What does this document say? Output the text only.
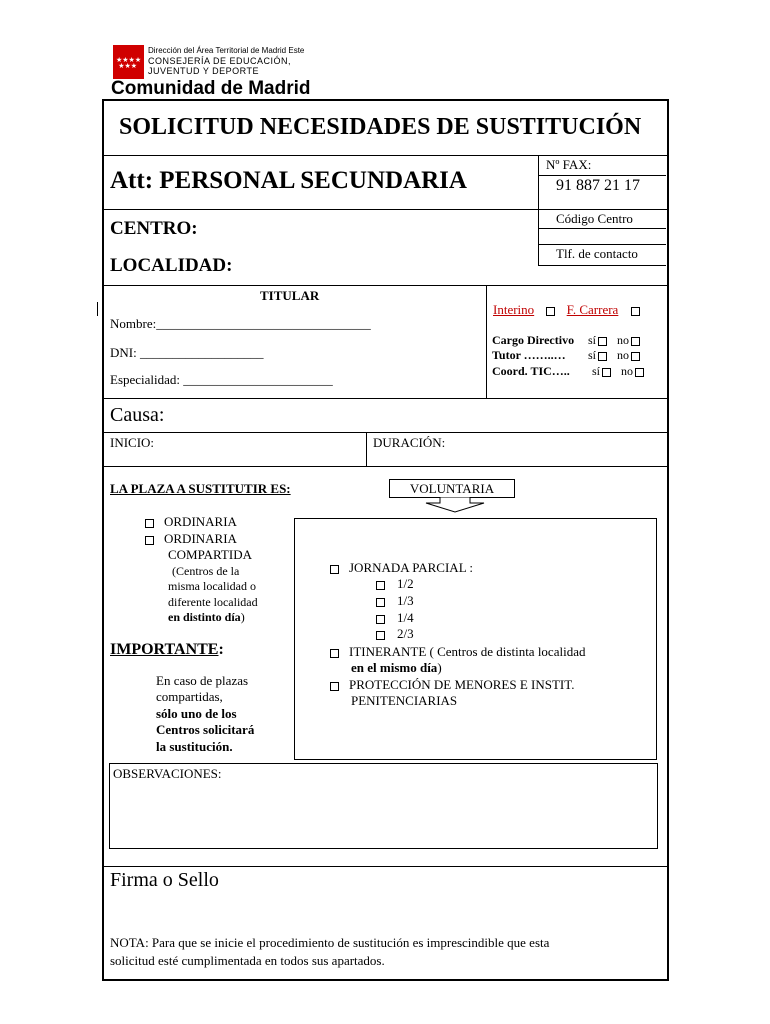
★★★★
★★★
Dirección del Área Territorial de Madrid Este
CONSEJERÍA DE EDUCACIÓN,
JUVENTUD Y DEPORTE
Comunidad de Madrid
SOLICITUD NECESIDADES DE SUSTITUCIÓN
Att: PERSONAL SECUNDARIA
Nº FAX:
91 887 21 17
CENTRO:	Código Centro
LOCALIDAD:
Tlf. de contacto
TITULAR
Nombre:_________________________________
DNI: ___________________
Especialidad: _______________________
Interino	F. Carrera
Cargo Directivo sí no
Tutor ……..… sí no
Coord. TIC….. sí no
Causa:
INICIO:	DURACIÓN:
LA PLAZA A SUSTITUTIR ES:	VOLUNTARIA
ORDINARIA
ORDINARIA
COMPARTIDA
(Centros de la
misma localidad o
diferente localidad
en distinto día)
IMPORTANTE:
En caso de plazas
compartidas,
sólo uno de los
Centros solicitará
la sustitución.
JORNADA PARCIAL :
1/2
1/3
1/4
2/3
ITINERANTE ( Centros de distinta localidad
en el mismo día)
PROTECCIÓN DE MENORES E INSTIT.
PENITENCIARIAS
OBSERVACIONES:
Firma o Sello
NOTA: Para que se inicie el procedimiento de sustitución es imprescindible que esta
solicitud esté cumplimentada en todos sus apartados.
